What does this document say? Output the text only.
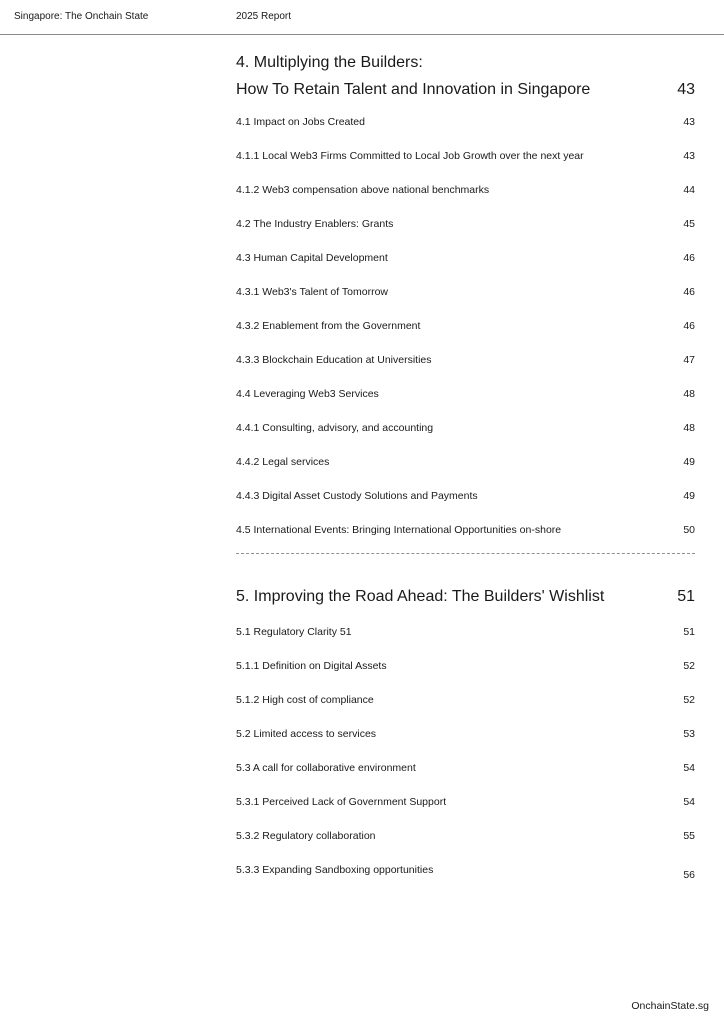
Singapore: The Onchain State	2025 Report
4. Multiplying the Builders:
How To Retain Talent and Innovation in Singapore	43
4.1 Impact on Jobs Created	43
4.1.1 Local Web3 Firms Committed to Local Job Growth over the next year	43
4.1.2 Web3 compensation above national benchmarks	44
4.2 The Industry Enablers: Grants	45
4.3 Human Capital Development	46
4.3.1 Web3's Talent of Tomorrow	46
4.3.2 Enablement from the Government	46
4.3.3 Blockchain Education at Universities	47
4.4 Leveraging Web3 Services	48
4.4.1 Consulting, advisory, and accounting	48
4.4.2 Legal services	49
4.4.3 Digital Asset Custody Solutions and Payments	49
4.5 International Events: Bringing International Opportunities on-shore	50
5. Improving the Road Ahead: The Builders' Wishlist	51
5.1 Regulatory Clarity 51	51
5.1.1 Definition on Digital Assets	52
5.1.2 High cost of compliance	52
5.2 Limited access to services	53
5.3 A call for collaborative environment	54
5.3.1 Perceived Lack of Government Support	54
5.3.2 Regulatory collaboration	55
5.3.3 Expanding Sandboxing opportunities	56
OnchainState.sg
